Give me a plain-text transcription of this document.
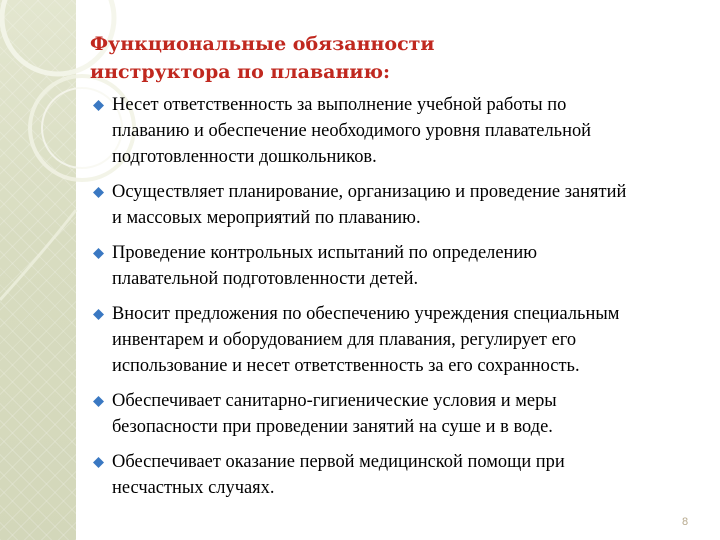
Функциональные обязанности
инструктора по плаванию:
Несет ответственность за выполнение учебной работы по
плаванию и обеспечение необходимого уровня плавательной
подготовленности дошкольников.
Осуществляет планирование, организацию и проведение занятий
и массовых мероприятий по плаванию.
Проведение контрольных испытаний по определению
плавательной подготовленности детей.
Вносит предложения по обеспечению учреждения специальным
инвентарем и оборудованием для плавания, регулирует его
использование и несет ответственность за его сохранность.
Обеспечивает санитарно-гигиенические условия и меры
безопасности при проведении занятий на суше и в воде.
Обеспечивает оказание первой медицинской помощи при
несчастных случаях.
8
